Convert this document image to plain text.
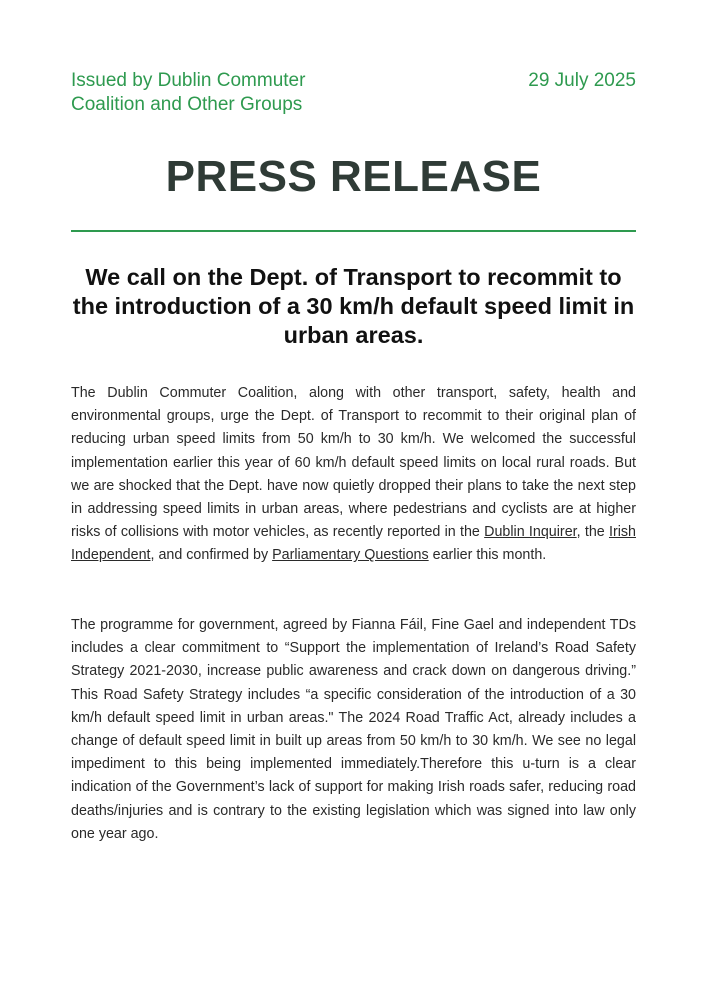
Issued by Dublin Commuter Coalition and Other Groups
29 July 2025
PRESS RELEASE
We call on the Dept. of Transport to recommit to the introduction of a 30 km/h default speed limit in urban areas.

The Dublin Commuter Coalition, along with other transport, safety, health and environmental groups, urge the Dept. of Transport to recommit to their original plan of reducing urban speed limits from 50 km/h to 30 km/h. We welcomed the successful implementation earlier this year of 60 km/h default speed limits on local rural roads. But we are shocked that the Dept. have now quietly dropped their plans to take the next step in addressing speed limits in urban areas, where pedestrians and cyclists are at higher risks of collisions with motor vehicles, as recently reported in the Dublin Inquirer, the Irish Independent, and confirmed by Parliamentary Questions earlier this month.

The programme for government, agreed by Fianna Fáil, Fine Gael and independent TDs includes a clear commitment to “Support the implementation of Ireland’s Road Safety Strategy 2021-2030, increase public awareness and crack down on dangerous driving.” This Road Safety Strategy includes “a specific consideration of the introduction of a 30 km/h default speed limit in urban areas." The 2024 Road Traffic Act, already includes a change of default speed limit in built up areas from 50 km/h to 30 km/h. We see no legal impediment to this being implemented immediately.Therefore this u-turn is a clear indication of the Government’s lack of support for making Irish roads safer, reducing road deaths/injuries and is contrary to the existing legislation which was signed into law only one year ago.
